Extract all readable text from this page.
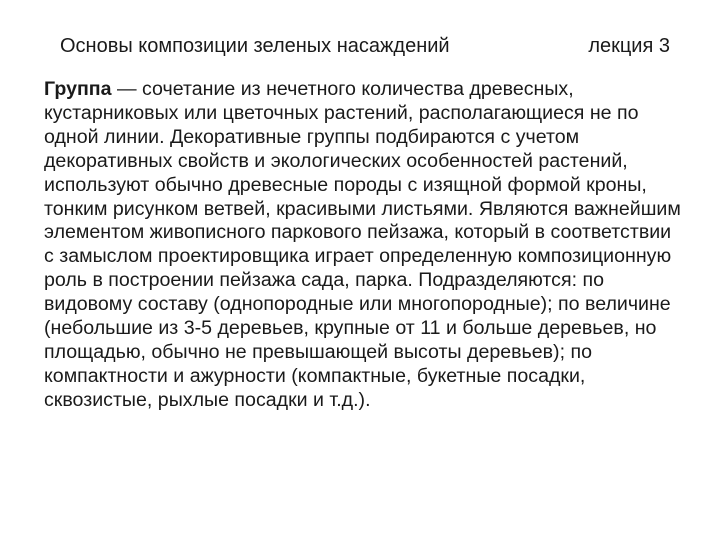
Основы композиции зеленых насаждений	лекция 3
Группа — сочетание из нечетного количества древесных, кустарниковых или цветочных растений, располагающиеся не по одной линии. Декоративные группы подбираются с учетом декоративных свойств и экологических особенностей растений, используют обычно древесные породы с изящной формой кроны, тонким рисунком ветвей, красивыми листьями. Являются важнейшим элементом живописного паркового пейзажа, который в соответствии с замыслом проектировщика играет определенную композиционную роль в построении пейзажа сада, парка. Подразделяются: по видовому составу (однопородные или многопородные); по величине (небольшие из 3-5 деревьев, крупные от 11 и больше деревьев, но площадью, обычно не превышающей высоты деревьев); по компактности и ажурности (компактные, букетные посадки, сквозистые, рыхлые посадки и т.д.).
